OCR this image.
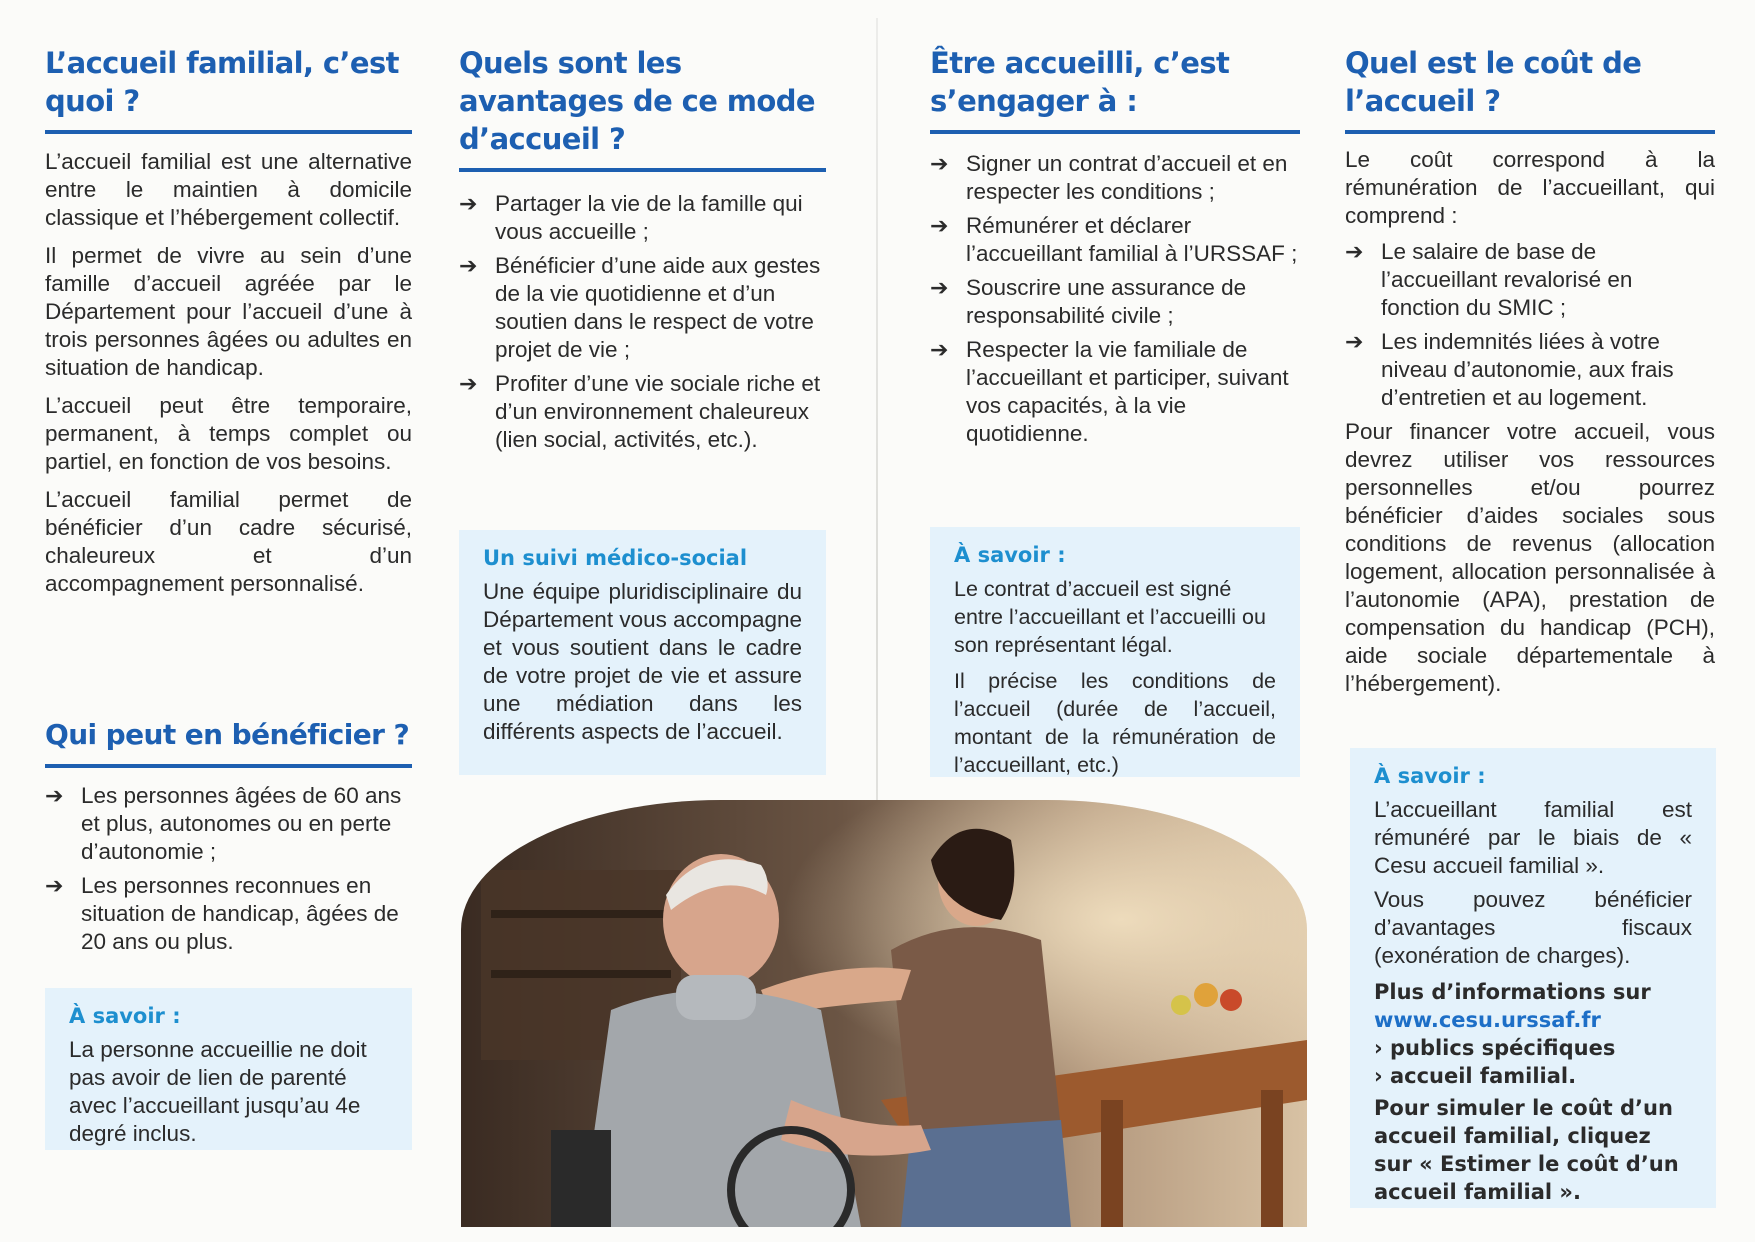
L’accueil familial, c’est quoi ?

L’accueil familial est une alternative entre le maintien à domicile classique et l’hébergement collectif.

Il permet de vivre au sein d’une famille d’accueil agréée par le Département pour l’accueil d’une à trois personnes âgées ou adultes en situation de handicap.

L’accueil peut être temporaire, permanent, à temps complet ou partiel, en fonction de vos besoins.

L’accueil familial permet de bénéficier d’un cadre sécurisé, chaleureux et d’un accompagnement personnalisé.

Qui peut en bénéficier ?
➔ Les personnes âgées de 60 ans et plus, autonomes ou en perte d’autonomie ;
➔ Les personnes reconnues en situation de handicap, âgées de 20 ans ou plus.

À savoir :

La personne accueillie ne doit pas avoir de lien de parenté avec l’accueillant jusqu’au 4e degré inclus.

Quels sont les avantages de ce mode d’accueil ?
➔ Partager la vie de la famille qui vous accueille ;
➔ Bénéficier d’une aide aux gestes de la vie quotidienne et d’un soutien dans le respect de votre projet de vie ;
➔ Profiter d’une vie sociale riche et d’un environnement chaleureux (lien social, activités, etc.).

Un suivi médico-social

Une équipe pluridisciplinaire du Département vous accompagne et vous soutient dans le cadre de votre projet de vie et assure une médiation dans les différents aspects de l’accueil.

Être accueilli, c’est s’engager à :
➔ Signer un contrat d’accueil et en respecter les conditions ;
➔ Rémunérer et déclarer l’accueillant familial à l’URSSAF ;
➔ Souscrire une assurance de responsabilité civile ;
➔ Respecter la vie familiale de l’accueillant et participer, suivant vos capacités, à la vie quotidienne.

À savoir :

Le contrat d’accueil est signé entre l’accueillant et l’accueilli ou son représentant légal.

Il précise les conditions de l’accueil (durée de l’accueil, montant de la rémunération de l’accueillant, etc.)

Quel est le coût de l’accueil ?

Le coût correspond à la rémunération de l’accueillant, qui comprend :

➔ Le salaire de base de l’accueillant revalorisé en fonction du SMIC ;
➔ Les indemnités liées à votre niveau d’autonomie, aux frais d’entretien et au logement.

Pour financer votre accueil, vous devrez utiliser vos ressources personnelles et/ou pourrez bénéficier d’aides sociales sous conditions de revenus (allocation logement, allocation personnalisée à l’autonomie (APA), prestation de compensation du handicap (PCH), aide sociale départementale à l’hébergement).

À savoir :

L’accueillant familial est rémunéré par le biais de « Cesu accueil familial ».

Vous pouvez bénéficier d’avantages fiscaux (exonération de charges).

Plus d’informations sur www.cesu.urssaf.fr
› publics spécifiques
› accueil familial.

Pour simuler le coût d’un accueil familial, cliquez sur « Estimer le coût d’un accueil familial ».
